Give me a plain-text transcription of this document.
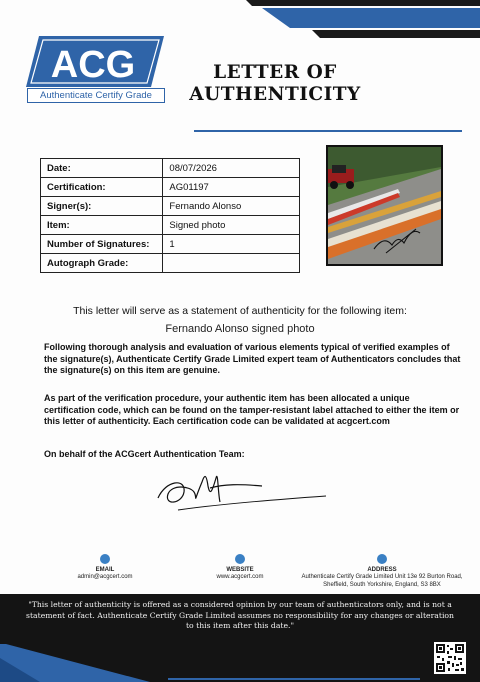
ACG
Authenticate Certify Grade
LETTER OF
AUTHENTICITY
Date:	08/07/2026
Certification:	AG01197
Signer(s):	Fernando Alonso
Item:	Signed photo
Number of Signatures:	1
Autograph Grade:	
This letter will serve as a statement of authenticity for the following item:
Fernando Alonso signed photo

Following thorough analysis and evaluation of various elements typical of verified examples of the signature(s), Authenticate Certify Grade Limited expert team of Authenticators concludes that the signature(s) on this item are genuine.

As part of the verification procedure, your authentic item has been allocated a unique certification code, which can be found on the tamper-resistant label attached to either the item or this letter of authenticity. Each certification code can be validated at acgcert.com

On behalf of the ACGcert Authentication Team:
EMAIL
admin@acgcert.com
WEBSITE
www.acgcert.com
ADDRESS
Authenticate Certify Grade Limited Unit 13e 92 Burton Road,
Sheffield, South Yorkshire, England, S3 8BX

"This letter of authenticity is offered as a considered opinion by our team of authenticators only, and is not a statement of fact. Authenticate Certify Grade Limited assumes no responsibility for any changes or alteration to this item after this date."
